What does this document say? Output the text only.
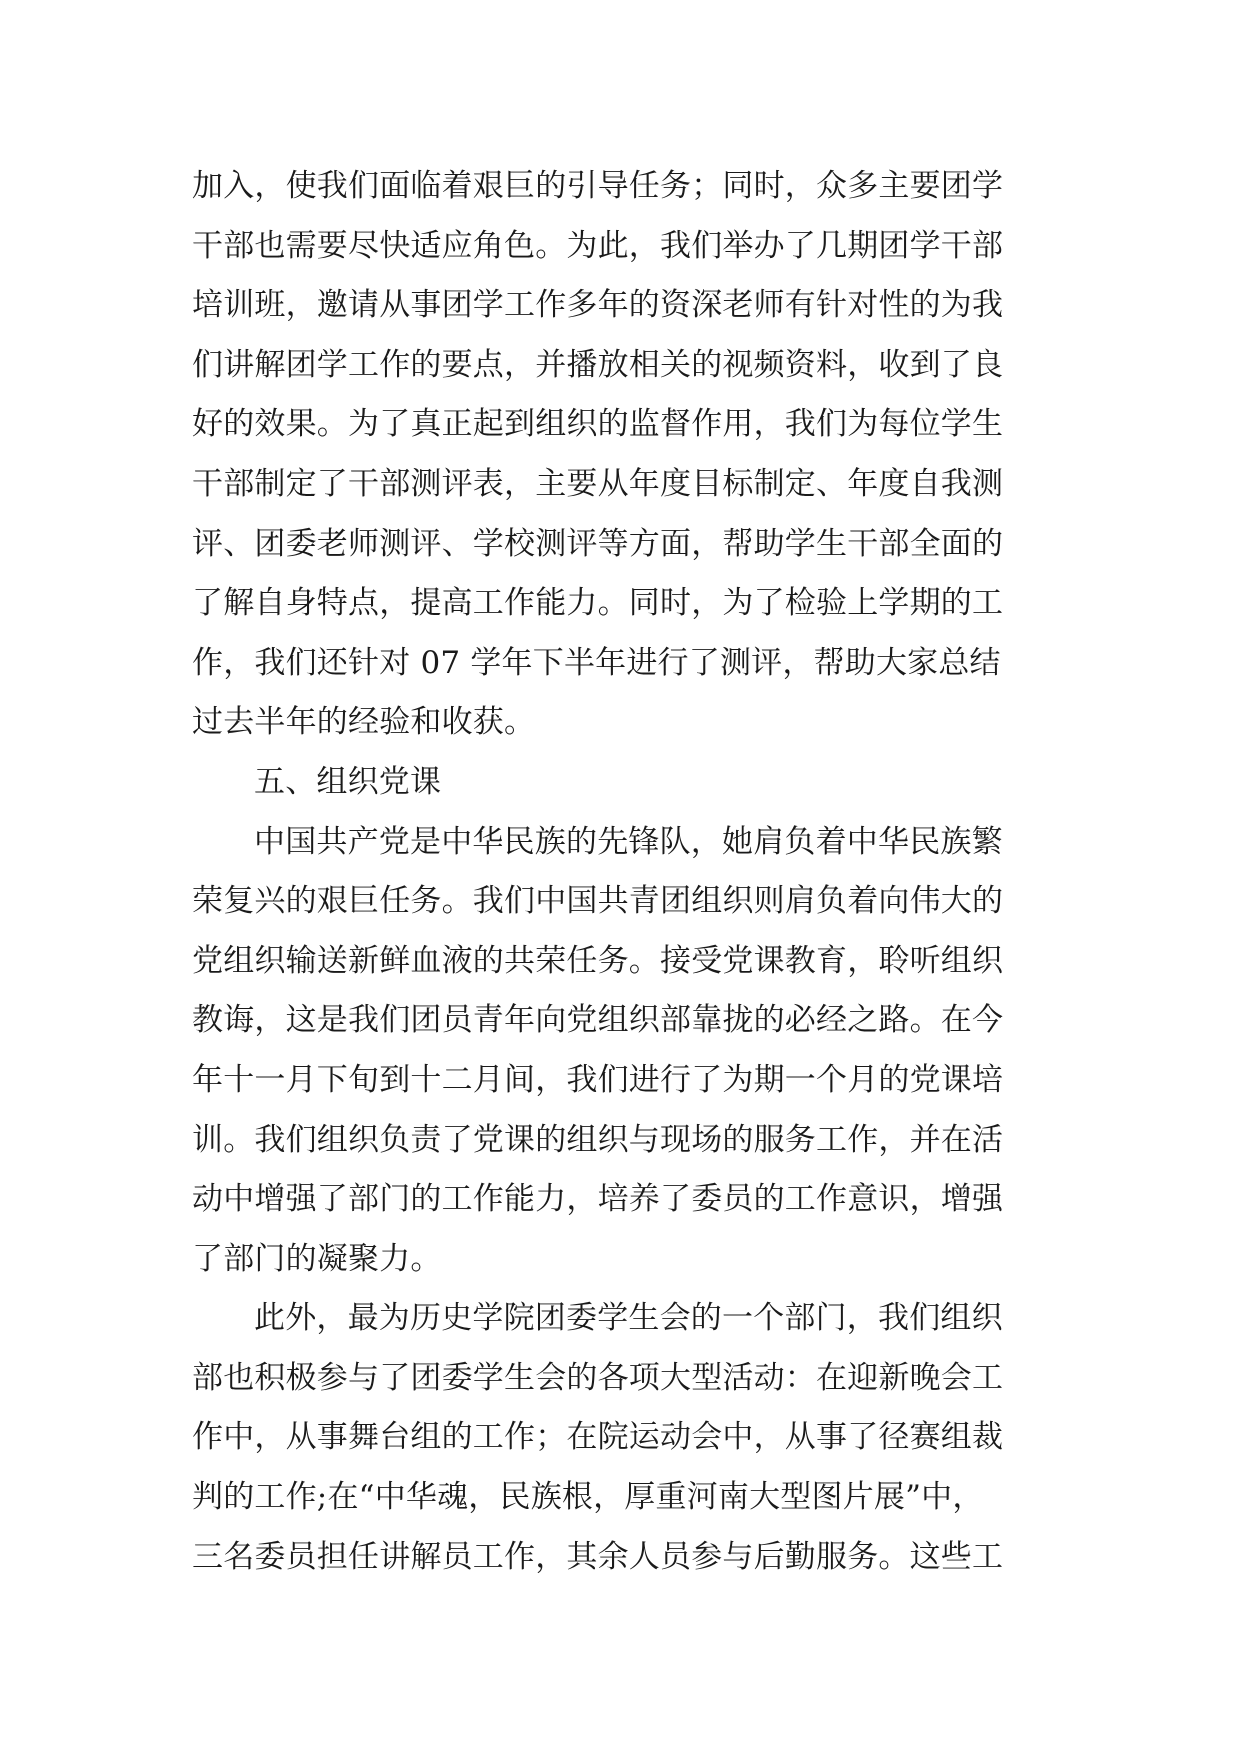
加入，使我们面临着艰巨的引导任务；同时，众多主要团学
干部也需要尽快适应角色。为此，我们举办了几期团学干部
培训班，邀请从事团学工作多年的资深老师有针对性的为我
们讲解团学工作的要点，并播放相关的视频资料，收到了良
好的效果。为了真正起到组织的监督作用，我们为每位学生
干部制定了干部测评表，主要从年度目标制定、年度自我测
评、团委老师测评、学校测评等方面，帮助学生干部全面的
了解自身特点，提高工作能力。同时，为了检验上学期的工
作，我们还针对 07 学年下半年进行了测评，帮助大家总结
过去半年的经验和收获。
五、组织党课
中国共产党是中华民族的先锋队，她肩负着中华民族繁
荣复兴的艰巨任务。我们中国共青团组织则肩负着向伟大的
党组织输送新鲜血液的共荣任务。接受党课教育，聆听组织
教诲，这是我们团员青年向党组织部靠拢的必经之路。在今
年十一月下旬到十二月间，我们进行了为期一个月的党课培
训。我们组织负责了党课的组织与现场的服务工作，并在活
动中增强了部门的工作能力，培养了委员的工作意识，增强
了部门的凝聚力。
此外，最为历史学院团委学生会的一个部门，我们组织
部也积极参与了团委学生会的各项大型活动：在迎新晚会工
作中，从事舞台组的工作；在院运动会中，从事了径赛组裁
判的工作;在“中华魂，民族根，厚重河南大型图片展”中，
三名委员担任讲解员工作，其余人员参与后勤服务。这些工
